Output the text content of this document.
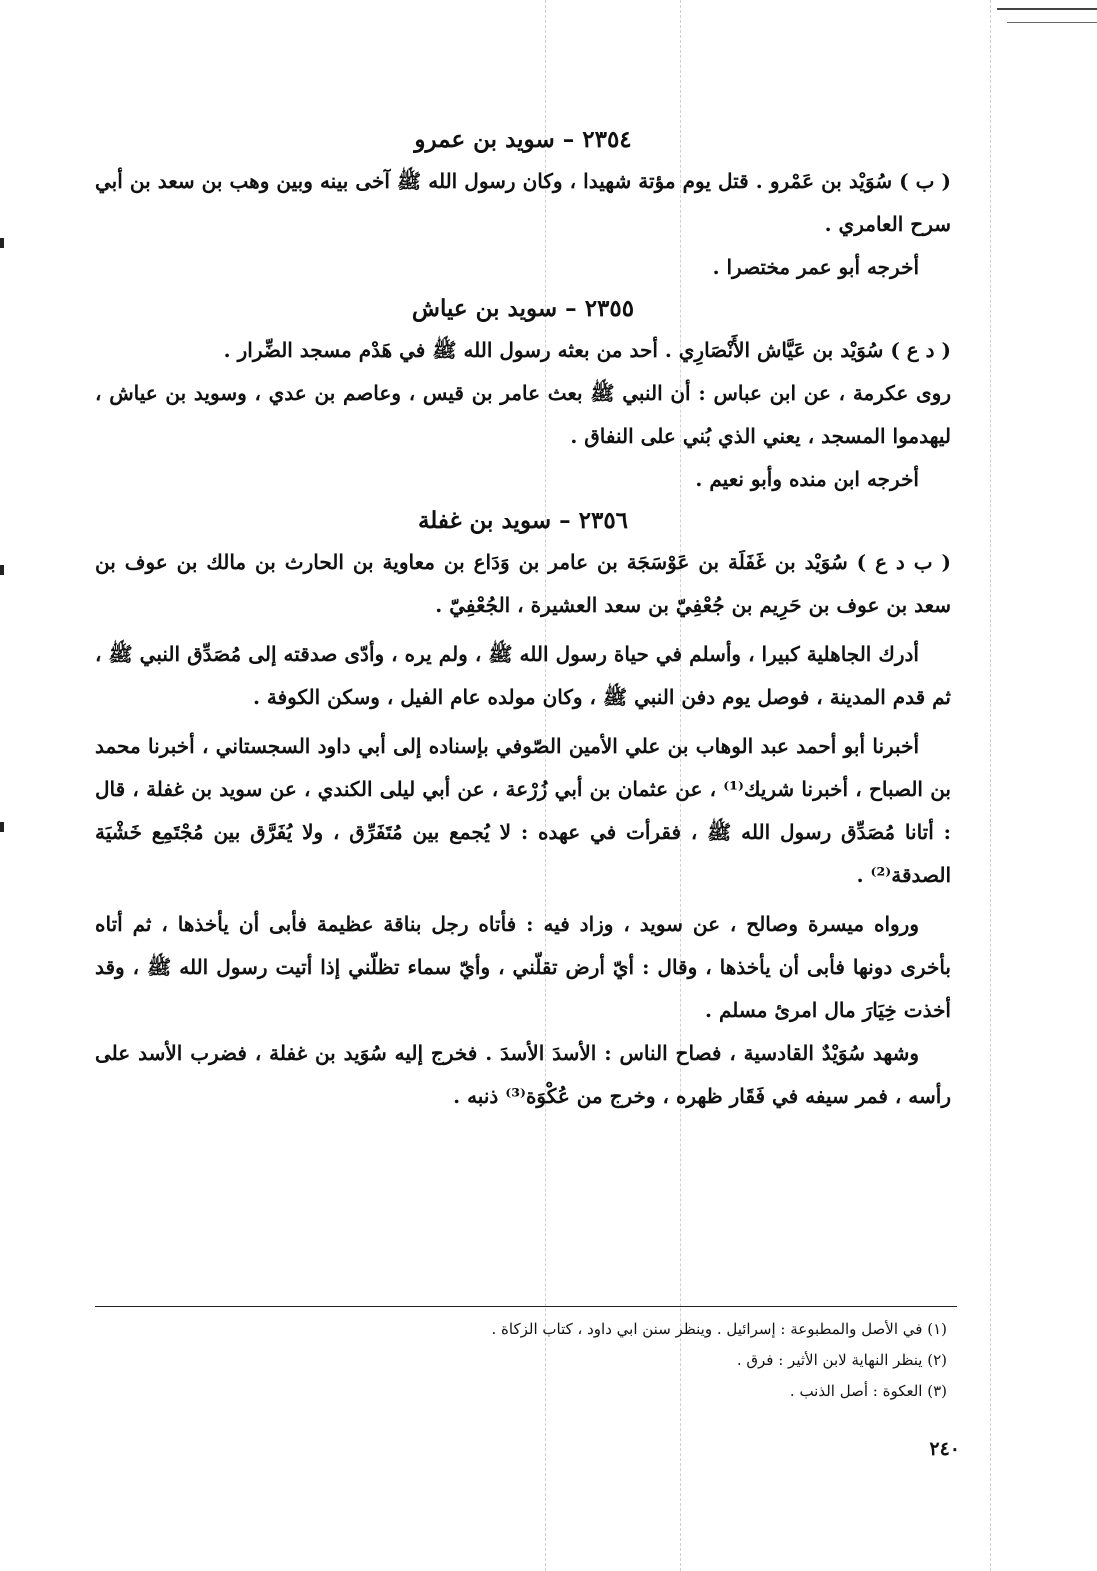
٢٣٥٤ – سويد بن عمرو

( ب ) سُوَيْد بن عَمْرو . قتل يوم مؤتة شهيدا ، وكان رسول الله ﷺ آخى بينه وبين وهب بن سعد بن أبي سرح العامري .

أخرجه أبو عمر مختصرا .

٢٣٥٥ – سويد بن عياش

( د ع ) سُوَيْد بن عَيَّاش الأَنْصَارِي . أحد من بعثه رسول الله ﷺ في هَدْم مسجد الضِّرار .

روى عكرمة ، عن ابن عباس : أن النبي ﷺ بعث عامر بن قيس ، وعاصم بن عدي ، وسويد بن عياش ، ليهدموا المسجد ، يعني الذي بُني على النفاق .

أخرجه ابن منده وأبو نعيم .

٢٣٥٦ – سويد بن غفلة

( ب د ع ) سُوَيْد بن غَفَلَة بن عَوْسَجَة بن عامر بن وَدَاع بن معاوية بن الحارث بن مالك بن عوف بن سعد بن عوف بن حَرِيم بن جُعْفِيّ بن سعد العشيرة ، الجُعْفِيّ .

أدرك الجاهلية كبيرا ، وأسلم في حياة رسول الله ﷺ ، ولم يره ، وأدّى صدقته إلى مُصَدِّق النبي ﷺ ، ثم قدم المدينة ، فوصل يوم دفن النبي ﷺ ، وكان مولده عام الفيل ، وسكن الكوفة .

أخبرنا أبو أحمد عبد الوهاب بن علي الأمين الصّوفي بإسناده إلى أبي داود السجستاني ، أخبرنا محمد بن الصباح ، أخبرنا شريك⁽¹⁾ ، عن عثمان بن أبي زُرْعة ، عن أبي ليلى الكندي ، عن سويد بن غفلة ، قال : أتانا مُصَدِّق رسول الله ﷺ ، فقرأت في عهده : لا يُجمع بين مُتَفَرِّق ، ولا يُفَرَّق بين مُجْتَمِع خَشْيَة الصدقة⁽²⁾ .

ورواه ميسرة وصالح ، عن سويد ، وزاد فيه : فأتاه رجل بناقة عظيمة فأبى أن يأخذها ، ثم أتاه بأخرى دونها فأبى أن يأخذها ، وقال : أيّ أرض تقلّني ، وأيّ سماء تظلّني إذا أتيت رسول الله ﷺ ، وقد أخذت خِيَارَ مال امرئ مسلم .

وشهد سُوَيْدٌ القادسية ، فصاح الناس : الأسدَ الأسدَ . فخرج إليه سُوَيد بن غفلة ، فضرب الأسد على رأسه ، فمر سيفه في فَقَار ظهره ، وخرج من عُكْوَة⁽³⁾ ذنبه .

(١) في الأصل والمطبوعة : إسرائيل . وينظر سنن ابي داود ، كتاب الزكاة .

(٢) ينظر النهاية لابن الأثير : فرق .

(٣) العكوة : أصل الذنب .

٢٤٠
